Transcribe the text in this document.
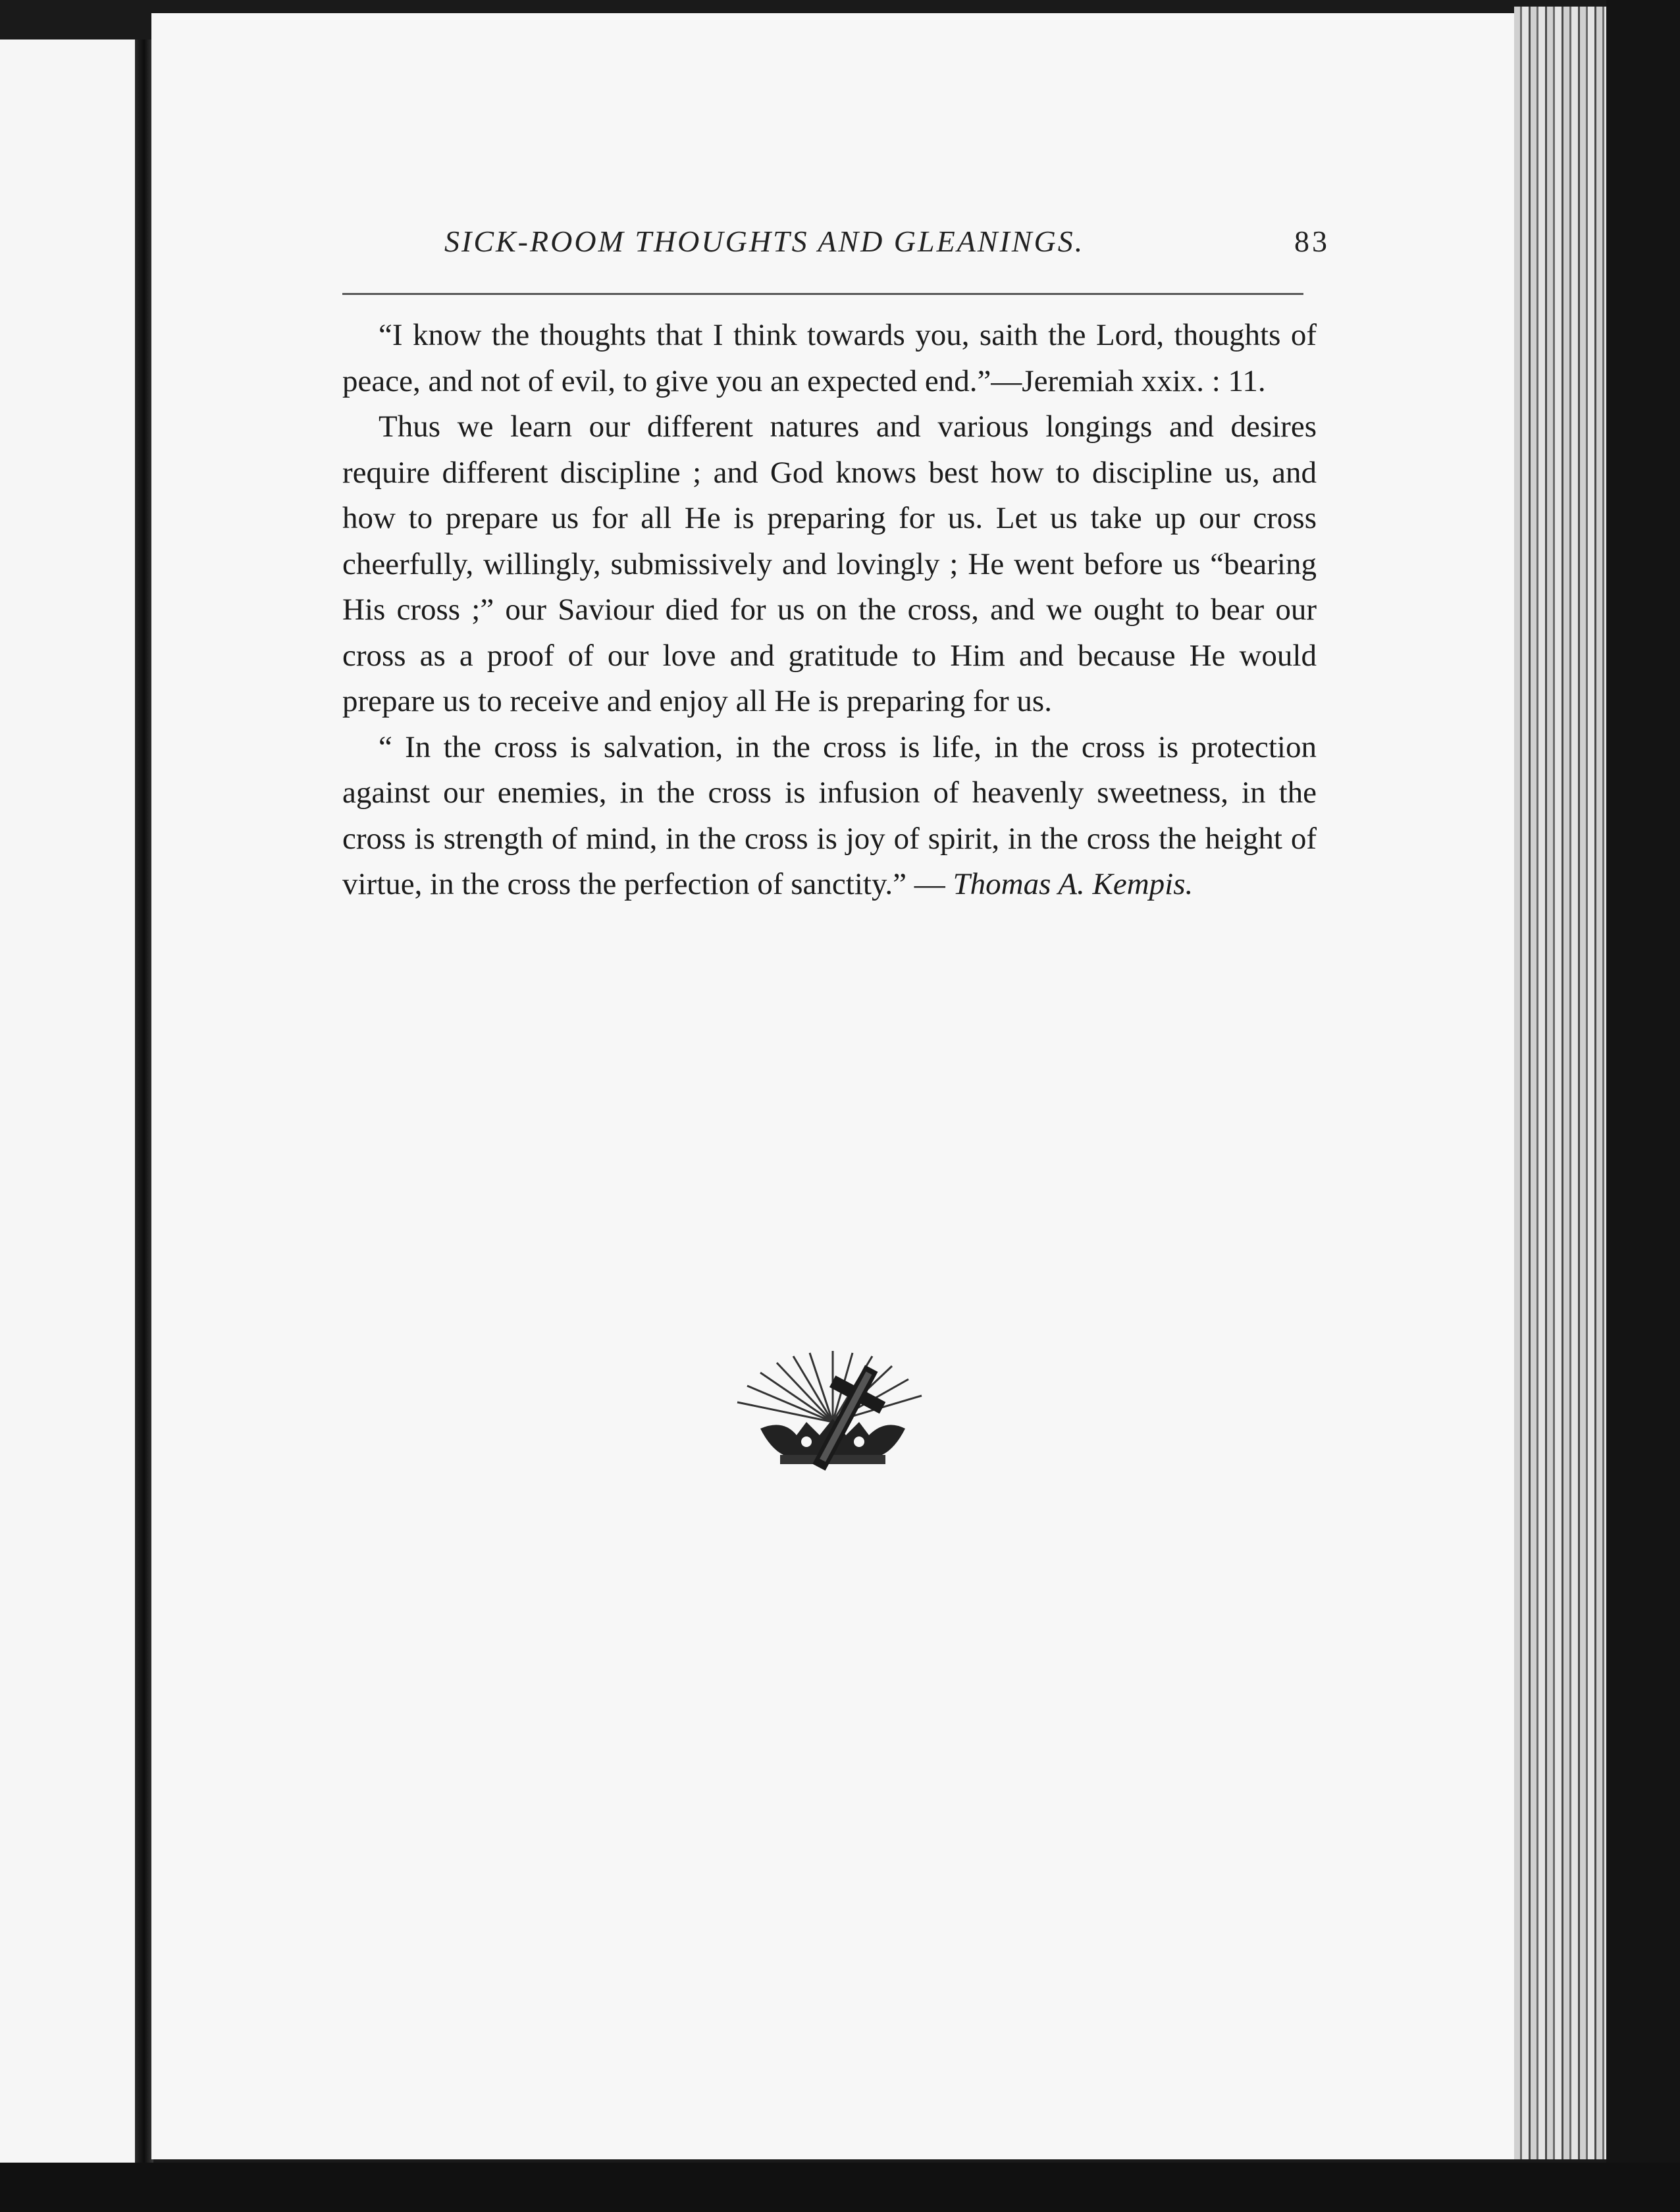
SICK-ROOM THOUGHTS AND GLEANINGS.	83

“I know the thoughts that I think towards you, saith the Lord, thoughts of peace, and not of evil, to give you an expected end.”—Jeremiah xxix. : 11.

Thus we learn our different natures and various longings and desires require different discipline ; and God knows best how to discipline us, and how to prepare us for all He is preparing for us. Let us take up our cross cheerfully, willingly, submissively and lovingly ; He went before us “bearing His cross ;” our Saviour died for us on the cross, and we ought to bear our cross as a proof of our love and gratitude to Him and because He would prepare us to receive and enjoy all He is preparing for us.

“ In the cross is salvation, in the cross is life, in the cross is protection against our enemies, in the cross is infusion of heavenly sweetness, in the cross is strength of mind, in the cross is joy of spirit, in the cross the height of virtue, in the cross the perfection of sanctity.” — Thomas A. Kempis.
